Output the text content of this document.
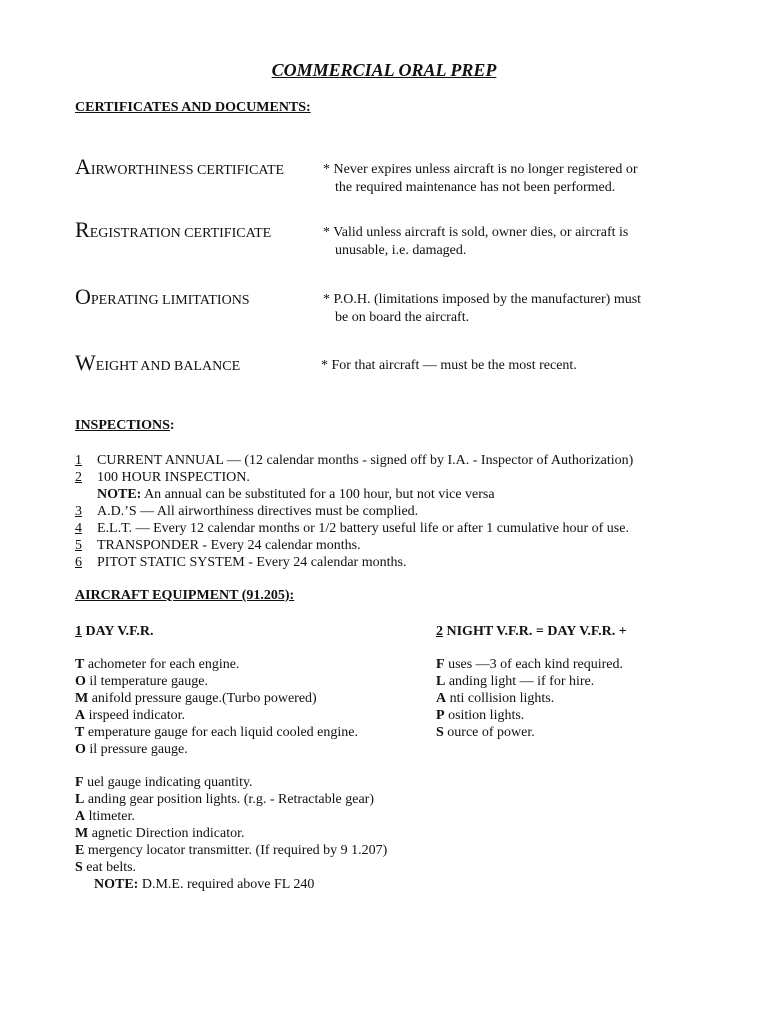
COMMERCIAL ORAL PREP
CERTIFICATES AND DOCUMENTS:
AIRWORTHINESS CERTIFICATE	* Never expires unless aircraft is no longer registered or
the required maintenance has not been performed.
REGISTRATION CERTIFICATE	* Valid unless aircraft is sold, owner dies, or aircraft is
unusable, i.e. damaged.
OPERATING LIMITATIONS	* P.O.H. (limitations imposed by the manufacturer) must
be on board the aircraft.
WEIGHT AND BALANCE	* For that aircraft — must be the most recent.
INSPECTIONS:
1 CURRENT ANNUAL — (12 calendar months - signed off by I.A. - Inspector of Authorization)
2 100 HOUR INSPECTION.
NOTE: An annual can be substituted for a 100 hour, but not vice versa
3 A.D.’S — All airworthiness directives must be complied.
4 E.L.T. — Every 12 calendar months or 1/2 battery useful life or after 1 cumulative hour of use.
5 TRANSPONDER - Every 24 calendar months.
6 PITOT STATIC SYSTEM - Every 24 calendar months.
AIRCRAFT EQUIPMENT (91.205):
1 DAY V.F.R.	2 NIGHT V.F.R. = DAY V.F.R. +
T achometer for each engine.
O il temperature gauge.
M anifold pressure gauge.(Turbo powered)
A irspeed indicator.
T emperature gauge for each liquid cooled engine.
O il pressure gauge.
F uel gauge indicating quantity.
L anding gear position lights. (r.g. - Retractable gear)
A ltimeter.
M agnetic Direction indicator.
E mergency locator transmitter. (If required by 9 1.207)
S eat belts.
NOTE: D.M.E. required above FL 240
F uses —3 of each kind required.
L anding light — if for hire.
A nti collision lights.
P osition lights.
S ource of power.
